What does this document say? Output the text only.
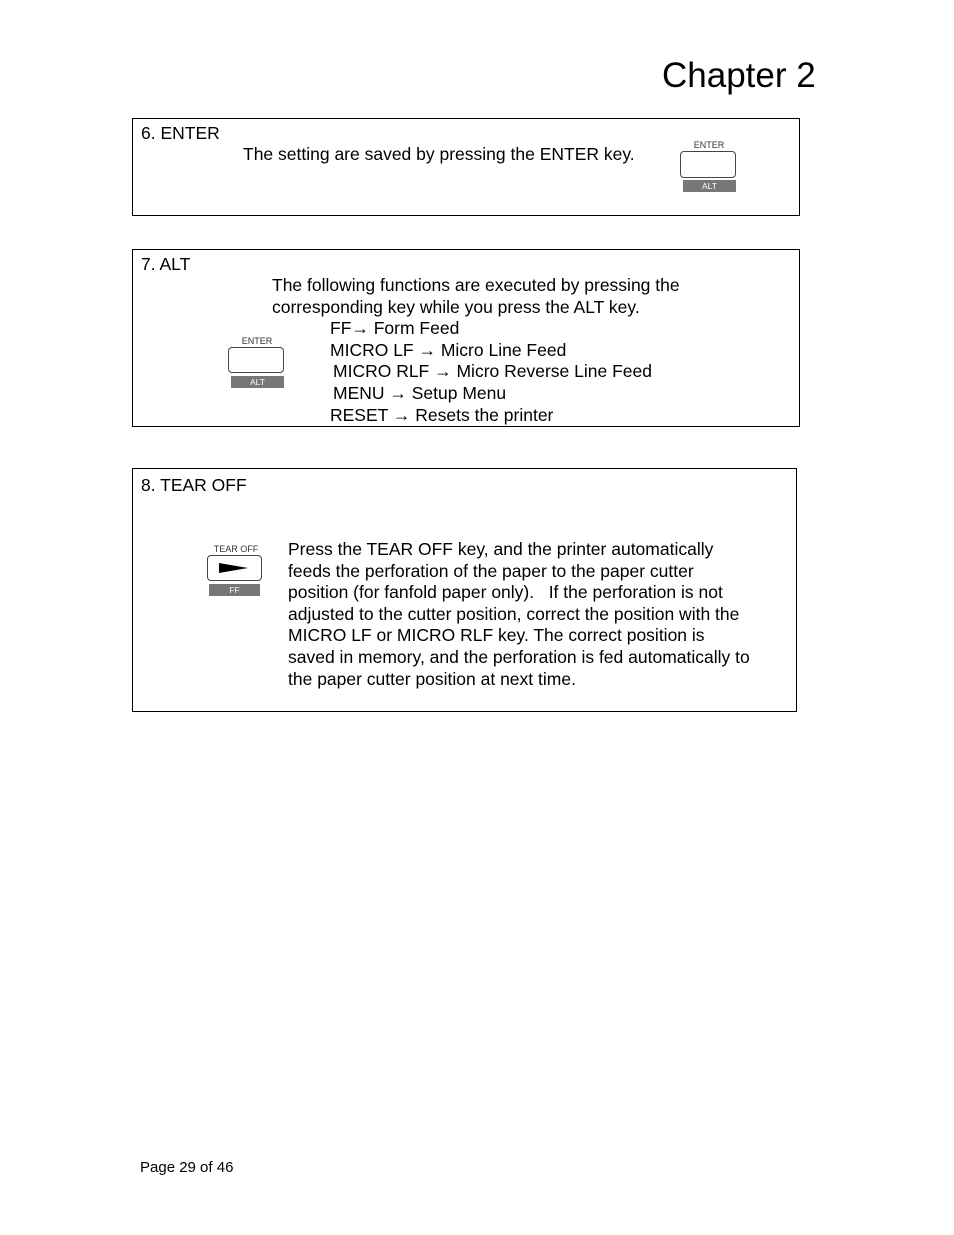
Chapter 2
6. ENTER
The setting are saved by pressing the ENTER key.	ENTER
ALT
7. ALT
The following functions are executed by pressing the
corresponding key while you press the ALT key.
FF→ Form Feed
MICRO LF → Micro Line Feed
MICRO RLF → Micro Reverse Line Feed
MENU → Setup Menu
RESET → Resets the printer
ENTER
ALT
8. TEAR OFF
Press the TEAR OFF key, and the printer automatically
feeds the perforation of the paper to the paper cutter
position (for fanfold paper only).   If the perforation is not
adjusted to the cutter position, correct the position with the
MICRO LF or MICRO RLF key. The correct position is
saved in memory, and the perforation is fed automatically to
the paper cutter position at next time.
TEAR OFF
FF
Page 29 of 46
